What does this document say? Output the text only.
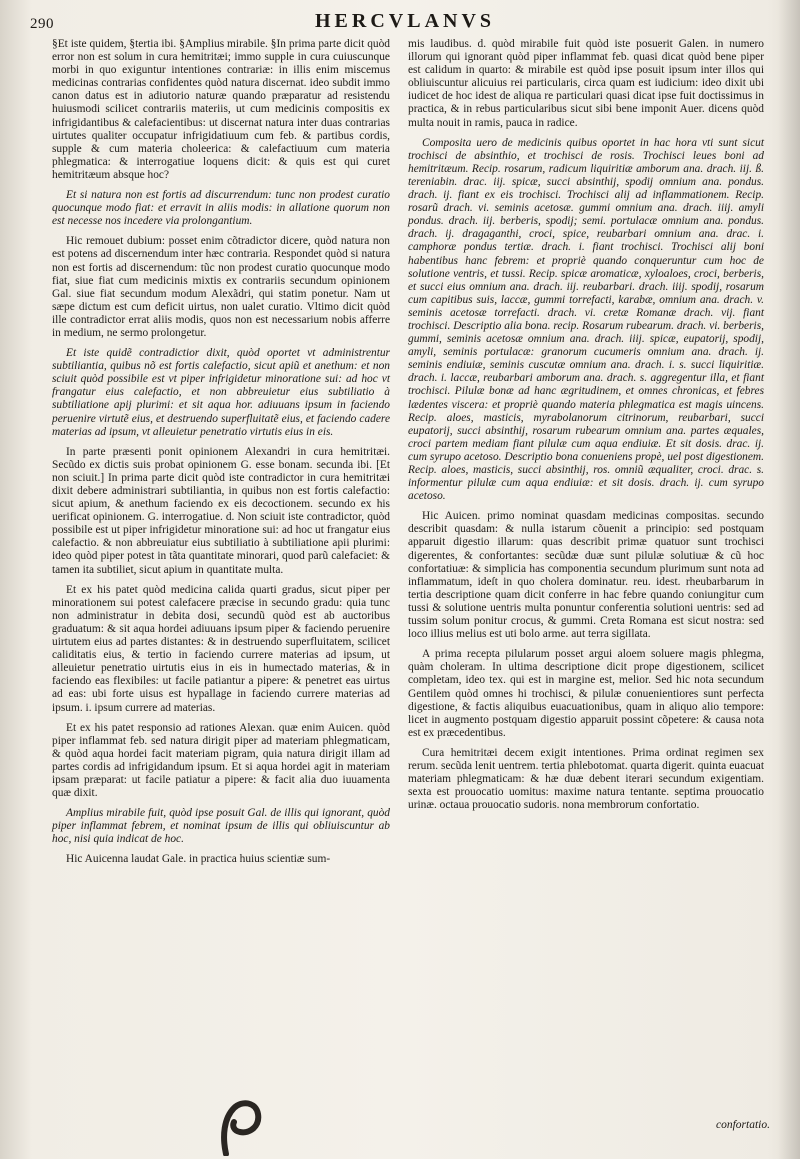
290	HERCVLANVS

§Et iste quidem, §tertia ibi. §Amplius mirabile. §In prima parte dicit quòd error non est solum in cura hemitritæi; immo supple in cura cuiuscunque morbi in quo exiguntur intentiones contrariæ: in illis enim miscemus medicinas contrarias confidentes quòd natura discernat. ideo subdit immo canon datus est in adiutorio naturæ quando præparatur ad resistendu huiusmodi scilicet contrariis materiis, ut cum medicinis compositis ex infrigidantibus & calefacientibus: ut discernat natura inter duas contrarias uirtutes qualiter occupatur infrigidatiuum cum feb. & partibus cordis, supple & cum materia choleerica: & calefactiuum cum materia phlegmatica: & interrogatiue loquens dicit: & quis est qui curet hemitritæum absque hoc?

Et si natura non est fortis ad discurrendum: tunc non prodest curatio quocunque modo fiat: et erravit in aliis modis: in allatione quorum non est necesse nos incedere via prolongantium.

Hic remouet dubium: posset enim cõtradictor dicere, quòd natura non est potens ad discernendum inter hæc contraria. Respondet quòd si natura non est fortis ad discernendum: tũc non prodest curatio quocunque modo fiat, siue fiat cum medicinis mixtis ex contrariis secundum opinionem Gal. siue fiat secundum modum Alexãdri, qui statim ponetur. Nam ut sæpe dictum est cum deficit uirtus, non ualet curatio. Vltimo dicit quòd ille contradictor errat aliis modis, quos non est necessarium nobis afferre in medium, ne sermo prolongetur.

Et iste quidẽ contradictior dixit, quòd oportet vt administrentur subtiliantia, quibus nõ est fortis calefactio, sicut apiũ et anethum: et non sciuit quòd possibile est vt piper infrigidetur minoratione sui: ad hoc vt frangatur eius calefactio, et non abbreuietur eius subtiliatio à subtiliatione apij plurimi: et sit aqua hor. adiuuans ipsum in faciendo peruenire virtutẽ eius, et destruendo superfluitatẽ eius, et faciendo cadere materias ad ipsum, vt alleuietur penetratio virtutis eius in eis.

In parte præsenti ponit opinionem Alexandri in cura hemitritæi. Secũdo ex dictis suis probat opinionem G. esse bonam. secunda ibi. [Et non sciuit.] In prima parte dicit quòd iste contradictor in cura hemitritæi dixit debere administrari subtiliantia, in quibus non est fortis calefactio: sicut apium, & anethum faciendo ex eis decoctionem. secundo ex his uerificat opinionem. G. interrogatiue. d. Non sciuit iste contradictor, quòd possibile est ut piper infrigidetur minoratione sui: ad hoc ut frangatur eius calefactio. & non abbreuiatur eius subtiliatio à subtiliatione apii plurimi: ideo quòd piper potest in tãta quantitate minorari, quod parũ calefaciet: & tamen ita subtiliet, sicut apium in quantitate multa.

Et ex his patet quòd medicina calida quarti gradus, sicut piper per minorationem sui potest calefacere præcise in secundo gradu: quia tunc non administratur in debita dosi, secundũ quòd est ab auctoribus graduatum: & sit aqua hordei adiuuans ipsum piper & faciendo peruenire uirtutem eius ad partes distantes: & in destruendo superfluitatem, scilicet caliditatis eius, & tertio in faciendo currere materias ad ipsum, ut alleuietur penetratio uirtutis eius in eis in humectado materias, & in faciendo eas flexibiles: ut facile patiantur a pipere: & penetret eas uirtus ad eas: ubi forte uisus est hypallage in faciendo currere materias ad ipsum. i. ipsum currere ad materias.

Et ex his patet responsio ad rationes Alexan. quæ enim Auicen. quòd piper inflammat feb. sed natura dirigit piper ad materiam phlegmaticam, & quòd aqua hordei facit materiam pigram, quia natura dirigit illam ad partes cordis ad infrigidandum ipsum. Et si aqua hordei agit in materiam ipsam præparat: ut facile patiatur a pipere: & facit alia duo iuuamenta quæ dixit.

Amplius mirabile fuit, quòd ipse posuit Gal. de illis qui ignorant, quòd piper inflammat febrem, et nominat ipsum de illis qui obliuiscuntur ab hoc, nisi quia indicat de hoc.

Hic Auicenna laudat Gale. in practica huius scientiæ sum-

mis laudibus. d. quòd mirabile fuit quòd iste posuerit Galen. in numero illorum qui ignorant quòd piper inflammat feb. quasi dicat quòd bene piper est calidum in quarto: & mirabile est quòd ipse posuit ipsum inter illos qui obliuiscuntur alicuius rei particularis, circa quam est iudicium: ideo dixit ubi iudicet de hoc idest de aliqua re particulari quasi dicat ipse fuit doctissimus in practica, & in rebus particularibus sicut sibi bene imponit Auer. dicens quòd multa nouit in ramis, pauca in radice.

Composita uero de medicinis quibus oportet in hac hora vti sunt sicut trochisci de absinthio, et trochisci de rosis. Trochisci leues boni ad hemitritæum. Recip. rosarum, radicum liquiritiæ amborum ana. drach. iij. ß. tereniabin. drac. iij. spicæ, succi absinthij, spodij omnium ana. pondus. drach. ij. fiant ex eis trochisci. Trochisci alij ad inflammationem. Recip. rosarũ drach. vi. seminis acetosæ. gummi omnium ana. drach. iiij. amyli pondus. drach. iij. berberis, spodij; semi. portulacæ omnium ana. pondus. drach. ij. dragaganthi, croci, spice, reubarbari omnium ana. drac. i. camphoræ pondus tertiæ. drach. i. fiant trochisci. Trochisci alij boni habentibus hanc febrem: et propriè quando conqueruntur cum hoc de solutione ventris, et tussi. Recip. spicæ aromaticæ, xyloaloes, croci, berberis, et succi eius omnium ana. drach. iij. reubarbari. drach. iiij. spodij, rosarum cum capitibus suis, laccæ, gummi torrefacti, karabæ, omnium ana. drach. v. seminis acetosæ torrefacti. drach. vi. cretæ Romanæ drach. vij. fiant trochisci. Descriptio alia bona. recip. Rosarum rubearum. drach. vi. berberis, gummi, seminis acetosæ omnium ana. drach. iiij. spicæ, eupatorij, spodij, amyli, seminis portulacæ: granorum cucumeris omnium ana. drach. ij. seminis endiuiæ, seminis cuscutæ omnium ana. drach. i. s. succi liquiritiæ. drach. i. laccæ, reubarbari amborum ana. drach. s. aggregentur illa, et fiant trochisci. Pilulæ bonæ ad hanc ægritudinem, et omnes chronicas, et febres lædentes viscera: et propriè quando materia phlegmatica est magis uincens. Recip. aloes, masticis, myrabolanorum citrinorum, reubarbari, succi eupatorij, succi absinthij, rosarum rubearum omnium ana. partes æquales, croci partem mediam fiant pilulæ cum aqua endiuiæ. Et sit dosis. drac. ij. cum syrupo acetoso. Descriptio bona conueniens propè, uel post digestionem. Recip. aloes, masticis, succi absinthij, ros. omniũ æqualiter, croci. drac. s. informentur pilulæ cum aqua endiuiæ: et sit dosis. drach. ij. cum syrupo acetoso.

Hic Auicen. primo nominat quasdam medicinas compositas. secundo describit quasdam: & nulla istarum cõuenit a principio: sed postquam apparuit digestio illarum: quas describit primæ quatuor sunt trochisci digerentes, & confortantes: secũdæ duæ sunt pilulæ solutiuæ & cũ hoc confortatiuæ: & simplicia has componentia secundum plurimum sunt nota ad inflammatum, ideſt in quo cholera dominatur. reu. idest. rheubarbarum in tertia descriptione quam dicit conferre in hac febre quando coniungitur cum tussi & solutione uentris multa ponuntur conferentia solutioni uentris: sed ad tussim solum ponitur crocus, & gummi. Creta Romana est sicut nostra: sed loco illius melius est uti bolo arme. aut terra sigillata.

A prima recepta pilularum posset argui aloem soluere magis phlegma, quàm choleram. In ultima descriptione dicit prope digestionem, scilicet completam, ideo tex. qui est in margine est, melior. Sed hic nota secundum Gentilem quòd omnes hi trochisci, & pilulæ conuenientiores sunt perfecta digestione, & factis aliquibus euacuationibus, quam in aliquo alio tempore: licet in augmento postquam digestio apparuit possint cõpetere: & causa nota est ex præcedentibus.

Cura hemitritæi decem exigit intentiones. Prima ordinat regimen sex rerum. secũda lenit uentrem. tertia phlebotomat. quarta digerit. quinta euacuat materiam phlegmaticam: & hæ duæ debent iterari secundum exigentiam. sexta est prouocatio uomitus: maxime natura tentante. septima prouocatio urinæ. octaua prouocatio sudoris. nona membrorum confortatio.

confortatio.
